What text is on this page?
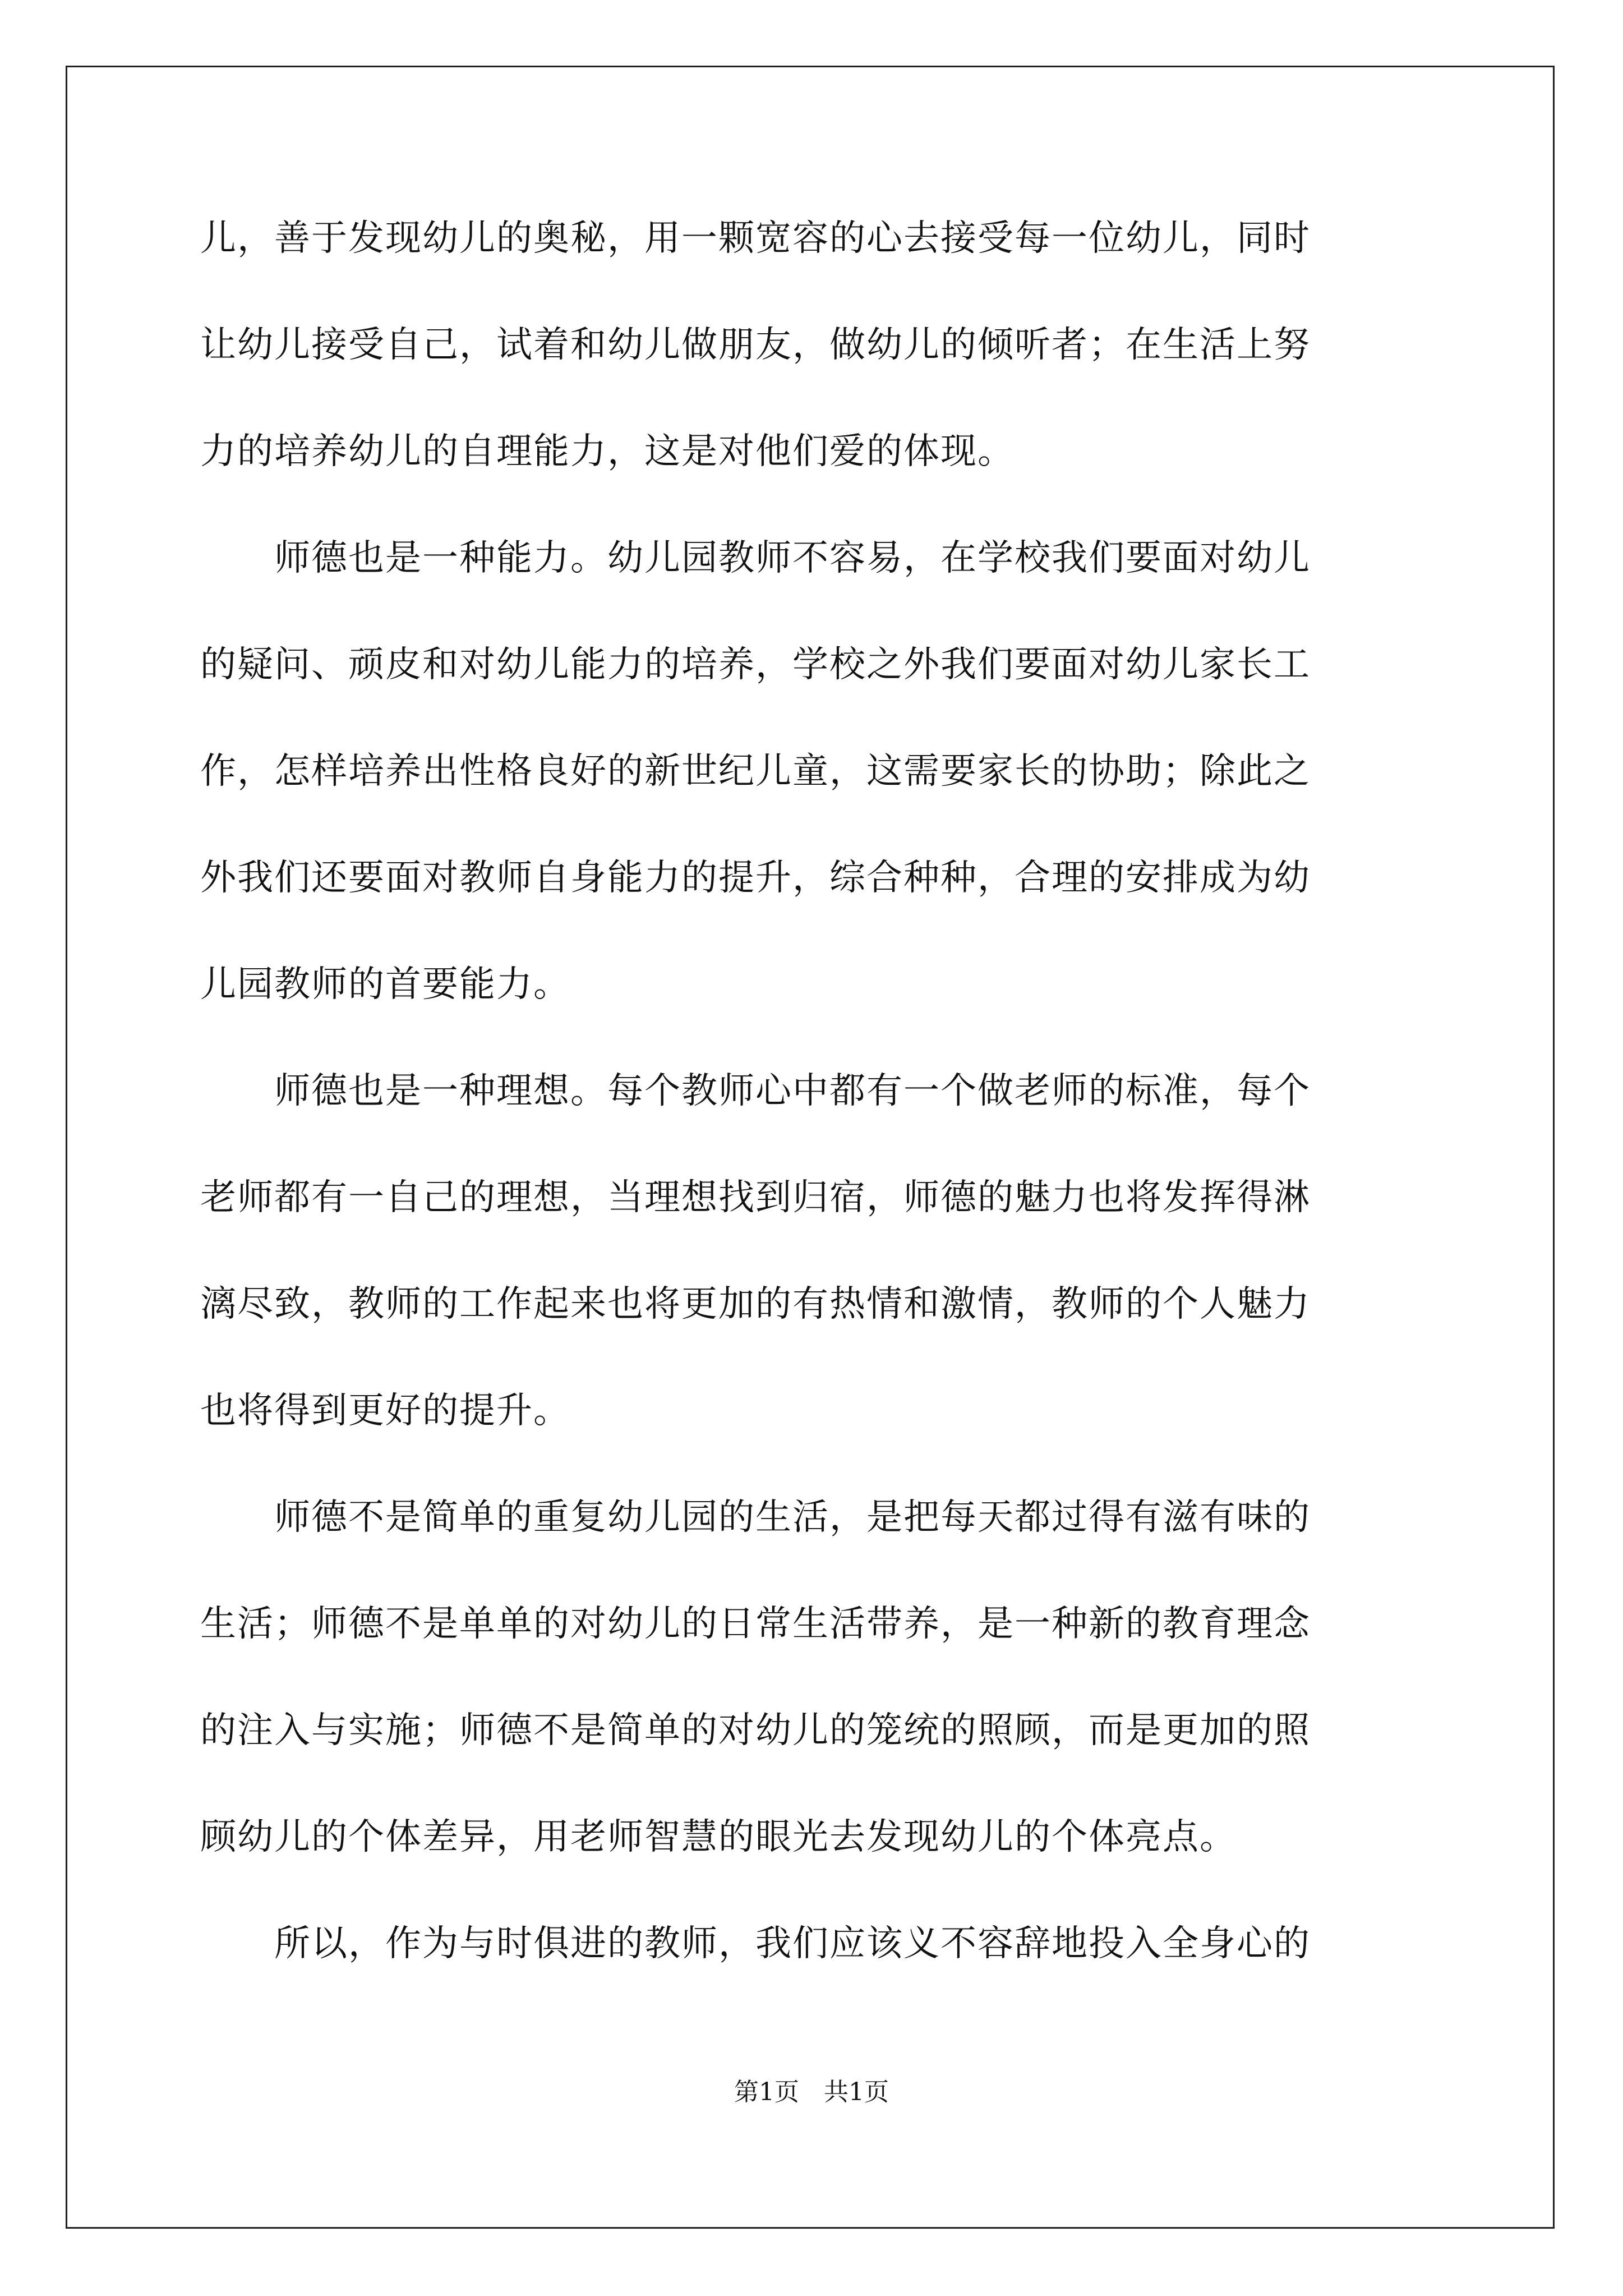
儿，善于发现幼儿的奥秘，用一颗宽容的心去接受每一位幼儿，同时
让幼儿接受自己，试着和幼儿做朋友，做幼儿的倾听者；在生活上努
力的培养幼儿的自理能力，这是对他们爱的体现。
　　师德也是一种能力。幼儿园教师不容易，在学校我们要面对幼儿
的疑问、顽皮和对幼儿能力的培养，学校之外我们要面对幼儿家长工
作，怎样培养出性格良好的新世纪儿童，这需要家长的协助；除此之
外我们还要面对教师自身能力的提升，综合种种，合理的安排成为幼
儿园教师的首要能力。
　　师德也是一种理想。每个教师心中都有一个做老师的标准，每个
老师都有一自己的理想，当理想找到归宿，师德的魅力也将发挥得淋
漓尽致，教师的工作起来也将更加的有热情和激情，教师的个人魅力
也将得到更好的提升。
　　师德不是简单的重复幼儿园的生活，是把每天都过得有滋有味的
生活；师德不是单单的对幼儿的日常生活带养，是一种新的教育理念
的注入与实施；师德不是简单的对幼儿的笼统的照顾，而是更加的照
顾幼儿的个体差异，用老师智慧的眼光去发现幼儿的个体亮点。
　　所以，作为与时俱进的教师，我们应该义不容辞地投入全身心的
第1页　共1页
